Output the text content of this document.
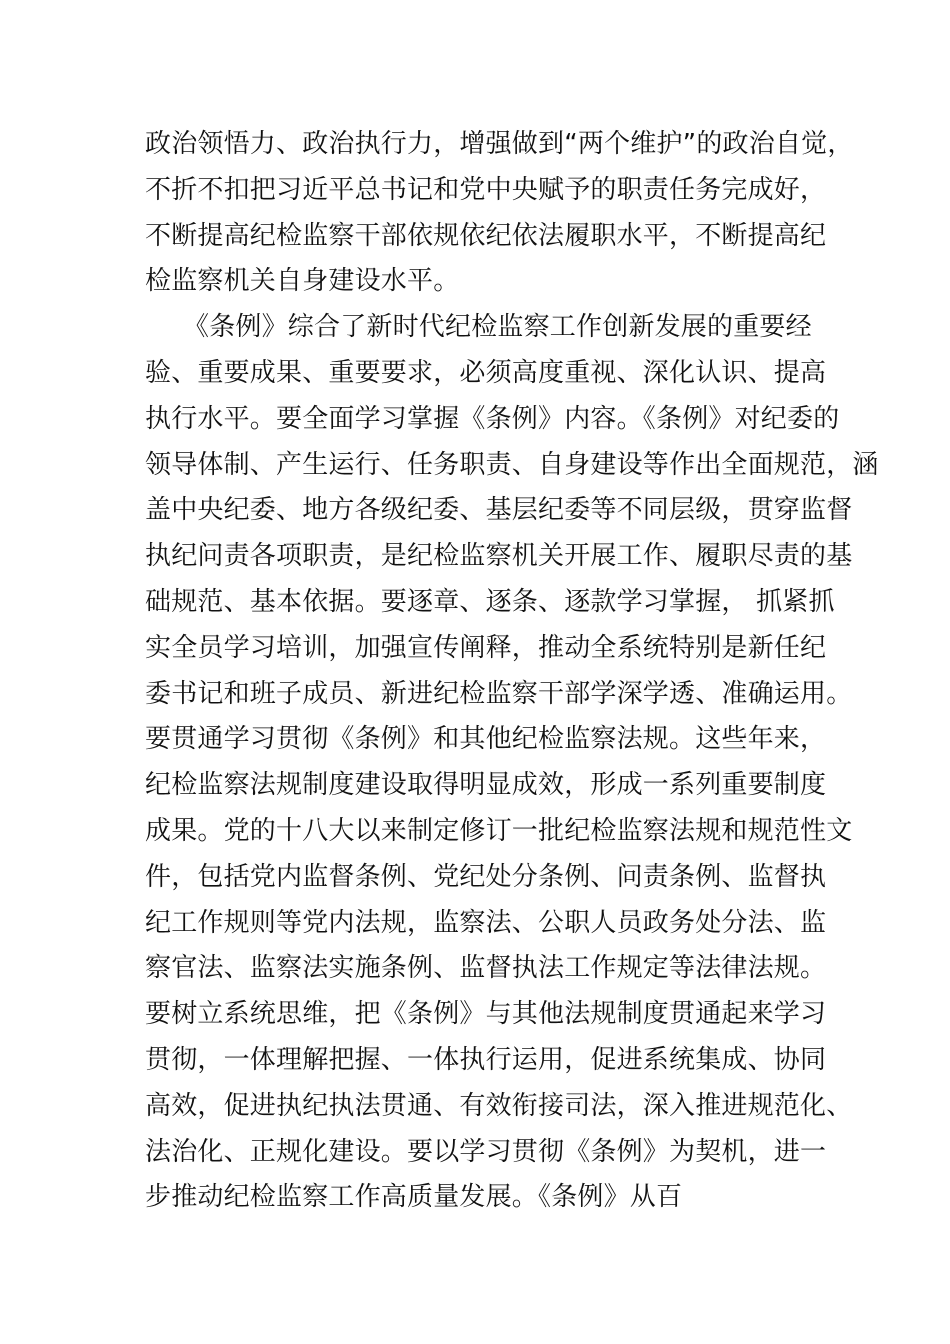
政治领悟力、政治执行力，增强做到“两个维护”的政治自觉，
不折不扣把习近平总书记和党中央赋予的职责任务完成好，
不断提高纪检监察干部依规依纪依法履职水平，不断提高纪
检监察机关自身建设水平。
《条例》综合了新时代纪检监察工作创新发展的重要经
验、重要成果、重要要求，必须高度重视、深化认识、提高
执行水平。要全面学习掌握《条例》内容。《条例》对纪委的
领导体制、产生运行、任务职责、自身建设等作出全面规范，涵
盖中央纪委、地方各级纪委、基层纪委等不同层级，贯穿监督
执纪问责各项职责，是纪检监察机关开展工作、履职尽责的基
础规范、基本依据。要逐章、逐条、逐款学习掌握， 抓紧抓
实全员学习培训，加强宣传阐释，推动全系统特别是新任纪
委书记和班子成员、新进纪检监察干部学深学透、准确运用。
要贯通学习贯彻《条例》和其他纪检监察法规。这些年来，
纪检监察法规制度建设取得明显成效，形成一系列重要制度
成果。党的十八大以来制定修订一批纪检监察法规和规范性文
件，包括党内监督条例、党纪处分条例、问责条例、监督执
纪工作规则等党内法规，监察法、公职人员政务处分法、监
察官法、监察法实施条例、监督执法工作规定等法律法规。
要树立系统思维，把《条例》与其他法规制度贯通起来学习
贯彻，一体理解把握、一体执行运用，促进系统集成、协同
高效，促进执纪执法贯通、有效衔接司法，深入推进规范化、
法治化、正规化建设。要以学习贯彻《条例》为契机，进一
步推动纪检监察工作高质量发展。《条例》从百
